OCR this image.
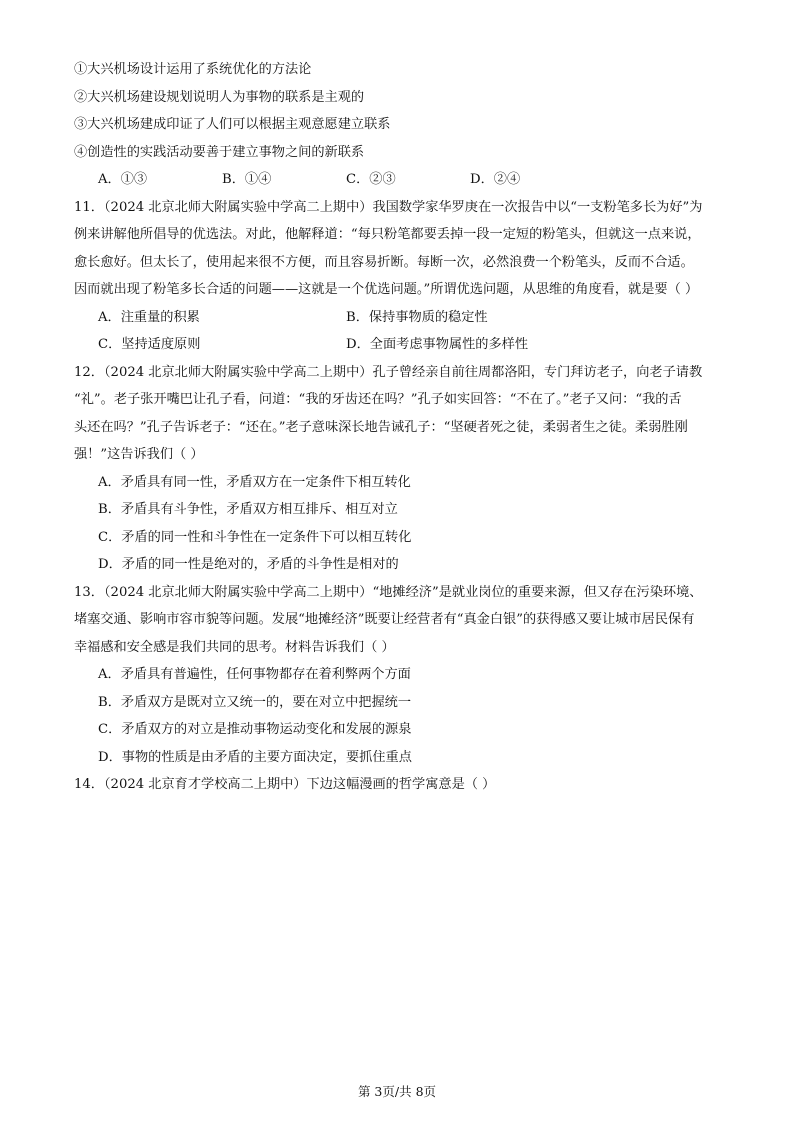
①大兴机场设计运用了系统优化的方法论
②大兴机场建设规划说明人为事物的联系是主观的
③大兴机场建成印证了人们可以根据主观意愿建立联系
④创造性的实践活动要善于建立事物之间的新联系
A．①③	B．①④	C．②③	D．②④
11．（2024 北京北师大附属实验中学高二上期中）我国数学家华罗庚在一次报告中以“一支粉笔多长为好”为
例来讲解他所倡导的优选法。对此，他解释道：“每只粉笔都要丢掉一段一定短的粉笔头，但就这一点来说，
愈长愈好。但太长了，使用起来很不方便，而且容易折断。每断一次，必然浪费一个粉笔头，反而不合适。
因而就出现了粉笔多长合适的问题——这就是一个优选问题。”所谓优选问题，从思维的角度看，就是要（ ）
A．注重量的积累	B．保持事物质的稳定性
C．坚持适度原则	D．全面考虑事物属性的多样性
12．（2024 北京北师大附属实验中学高二上期中）孔子曾经亲自前往周都洛阳，专门拜访老子，向老子请教
“礼”。老子张开嘴巴让孔子看，问道：“我的牙齿还在吗？”孔子如实回答：“不在了。”老子又问：“我的舌
头还在吗？”孔子告诉老子：“还在。”老子意味深长地告诫孔子：“坚硬者死之徒，柔弱者生之徒。柔弱胜刚
强！”这告诉我们（ ）
A．矛盾具有同一性，矛盾双方在一定条件下相互转化
B．矛盾具有斗争性，矛盾双方相互排斥、相互对立
C．矛盾的同一性和斗争性在一定条件下可以相互转化
D．矛盾的同一性是绝对的，矛盾的斗争性是相对的
13．（2024 北京北师大附属实验中学高二上期中）“地摊经济”是就业岗位的重要来源，但又存在污染环境、
堵塞交通、影响市容市貌等问题。发展“地摊经济”既要让经营者有“真金白银”的获得感又要让城市居民保有
幸福感和安全感是我们共同的思考。材料告诉我们（ ）
A．矛盾具有普遍性，任何事物都存在着利弊两个方面
B．矛盾双方是既对立又统一的，要在对立中把握统一
C．矛盾双方的对立是推动事物运动变化和发展的源泉
D．事物的性质是由矛盾的主要方面决定，要抓住重点
14．（2024 北京育才学校高二上期中）下边这幅漫画的哲学寓意是（ ）
第 3页/共 8页
